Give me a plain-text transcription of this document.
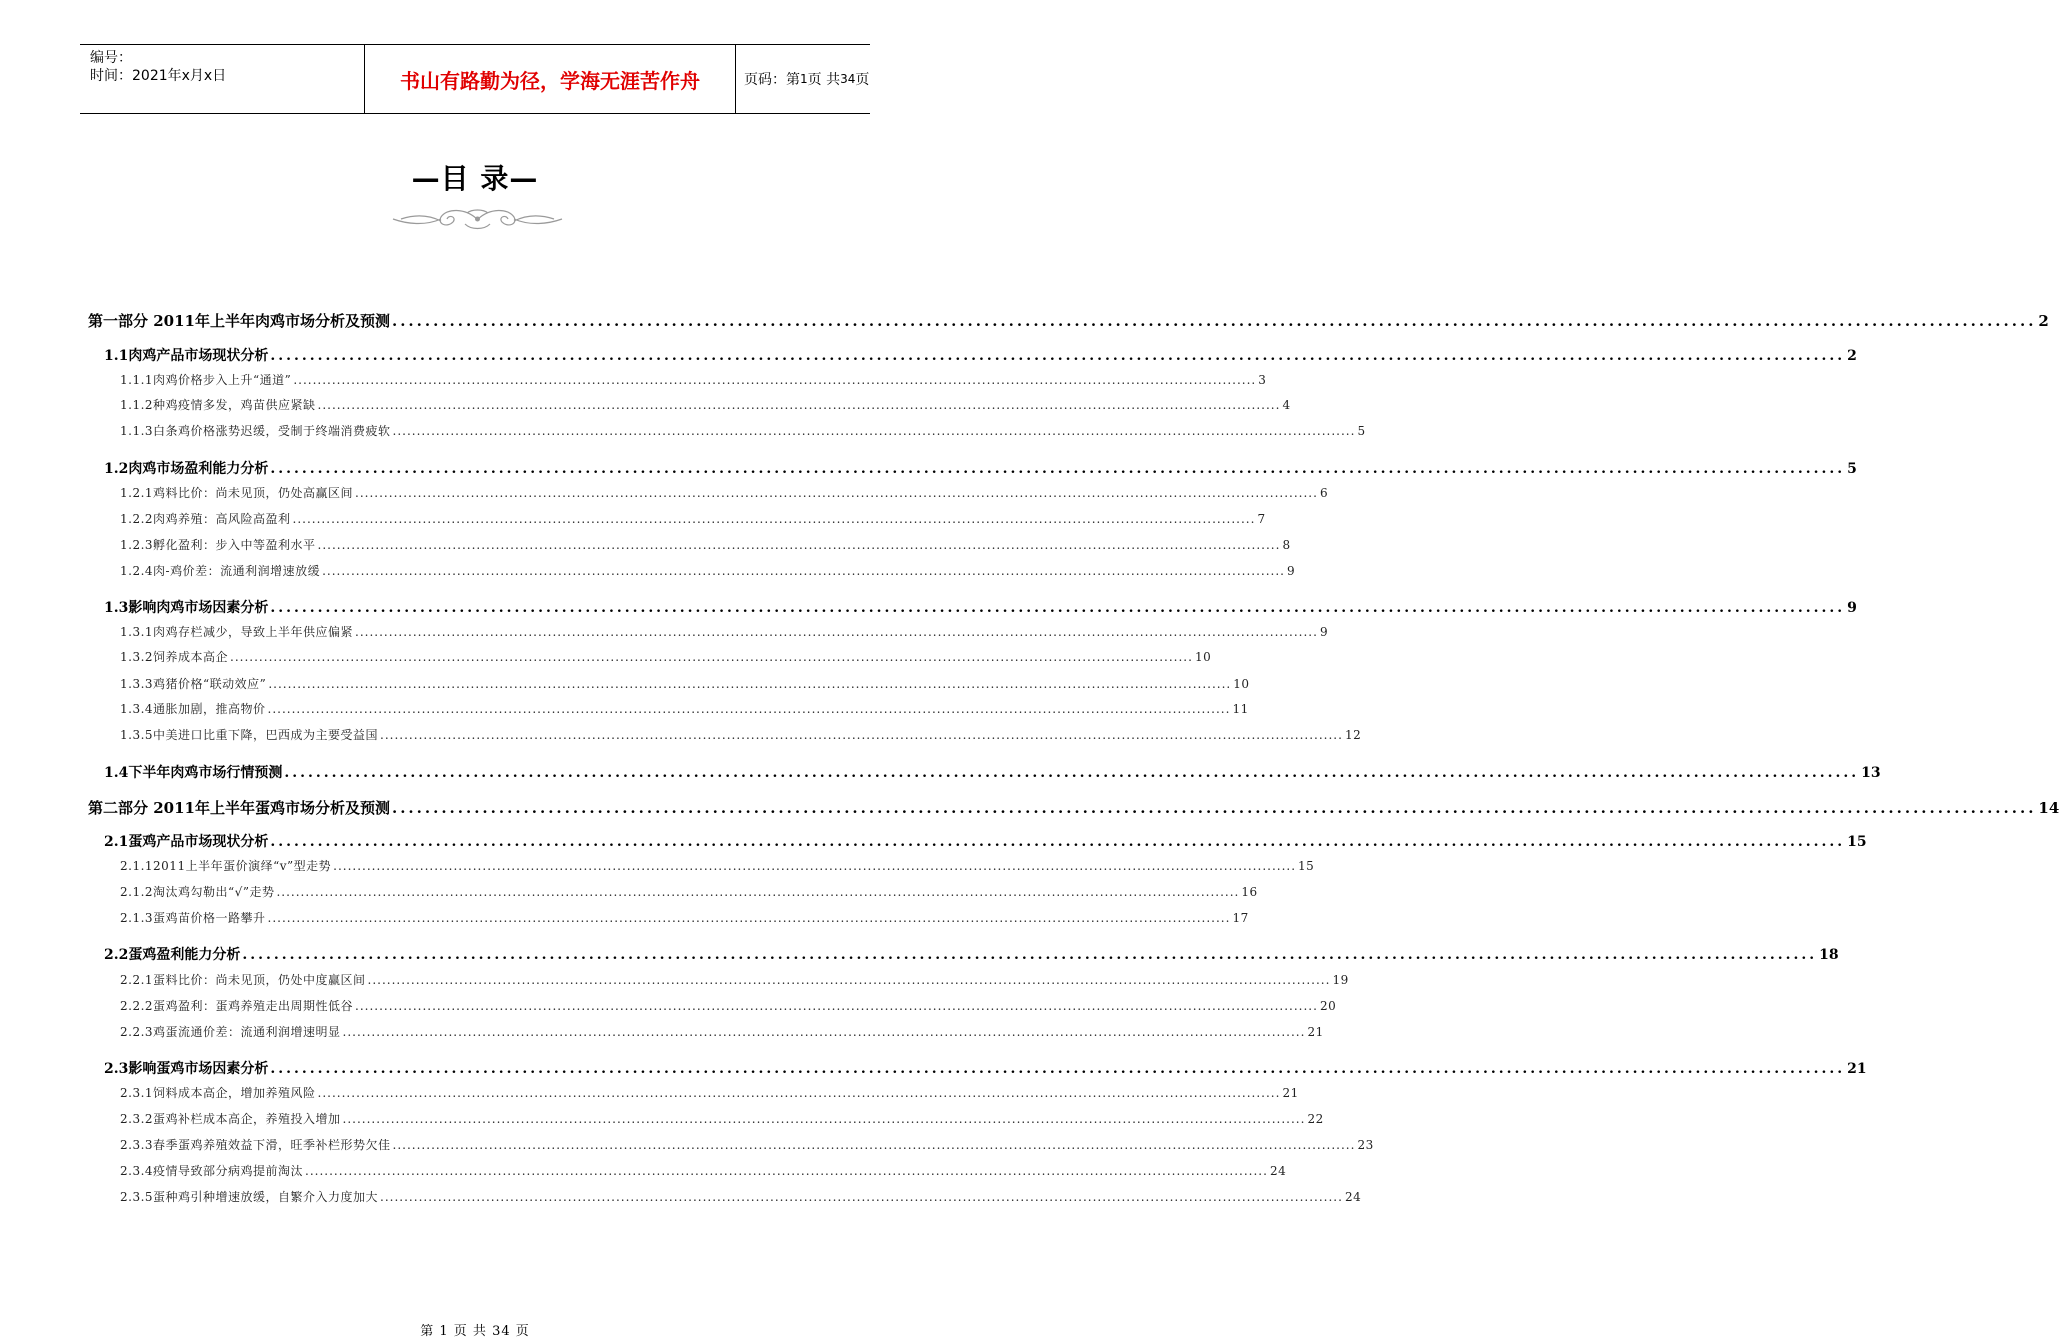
编号：
时间：2021年x月x日	书山有路勤为径，学海无涯苦作舟	页码：第 1 页 共 34 页
—目 录—
第一部分 2011年上半年肉鸡市场分析及预测 ........................................................................................................................................................................................................ 2
1.1肉鸡产品市场现状分析 ........................................................................................................................................................................................................ 2
1.1.1肉鸡价格步入上升“通道” ........................................................................................................................................................................................................ 3
1.1.2种鸡疫情多发，鸡苗供应紧缺 ........................................................................................................................................................................................................ 4
1.1.3白条鸡价格涨势迟缓，受制于终端消费疲软 ........................................................................................................................................................................................................ 5
1.2肉鸡市场盈利能力分析 ........................................................................................................................................................................................................ 5
1.2.1鸡料比价：尚未见顶，仍处高赢区间 ........................................................................................................................................................................................................ 6
1.2.2肉鸡养殖：高风险高盈利 ........................................................................................................................................................................................................ 7
1.2.3孵化盈利：步入中等盈利水平 ........................................................................................................................................................................................................ 8
1.2.4肉-鸡价差：流通利润增速放缓 ........................................................................................................................................................................................................ 9
1.3影响肉鸡市场因素分析 ........................................................................................................................................................................................................ 9
1.3.1肉鸡存栏减少，导致上半年供应偏紧 ........................................................................................................................................................................................................ 9
1.3.2饲养成本高企 ........................................................................................................................................................................................................ 10
1.3.3鸡猪价格“联动效应” ........................................................................................................................................................................................................ 10
1.3.4通胀加剧，推高物价 ........................................................................................................................................................................................................ 11
1.3.5中美进口比重下降，巴西成为主要受益国 ........................................................................................................................................................................................................ 12
1.4下半年肉鸡市场行情预测 ........................................................................................................................................................................................................ 13
第二部分 2011年上半年蛋鸡市场分析及预测 ........................................................................................................................................................................................................ 14
2.1蛋鸡产品市场现状分析 ........................................................................................................................................................................................................ 15
2.1.12011上半年蛋价演绎“v”型走势 ........................................................................................................................................................................................................ 15
2.1.2淘汰鸡勾勒出“√”走势 ........................................................................................................................................................................................................ 16
2.1.3蛋鸡苗价格一路攀升 ........................................................................................................................................................................................................ 17
2.2蛋鸡盈利能力分析 ........................................................................................................................................................................................................ 18
2.2.1蛋料比价：尚未见顶，仍处中度赢区间 ........................................................................................................................................................................................................ 19
2.2.2蛋鸡盈利：蛋鸡养殖走出周期性低谷 ........................................................................................................................................................................................................ 20
2.2.3鸡蛋流通价差：流通利润增速明显 ........................................................................................................................................................................................................ 21
2.3影响蛋鸡市场因素分析 ........................................................................................................................................................................................................ 21
2.3.1饲料成本高企，增加养殖风险 ........................................................................................................................................................................................................ 21
2.3.2蛋鸡补栏成本高企，养殖投入增加 ........................................................................................................................................................................................................ 22
2.3.3春季蛋鸡养殖效益下滑，旺季补栏形势欠佳 ........................................................................................................................................................................................................ 23
2.3.4疫情导致部分病鸡提前淘汰 ........................................................................................................................................................................................................ 24
2.3.5蛋种鸡引种增速放缓，自繁介入力度加大 ........................................................................................................................................................................................................ 24
第 1 页 共 34 页
